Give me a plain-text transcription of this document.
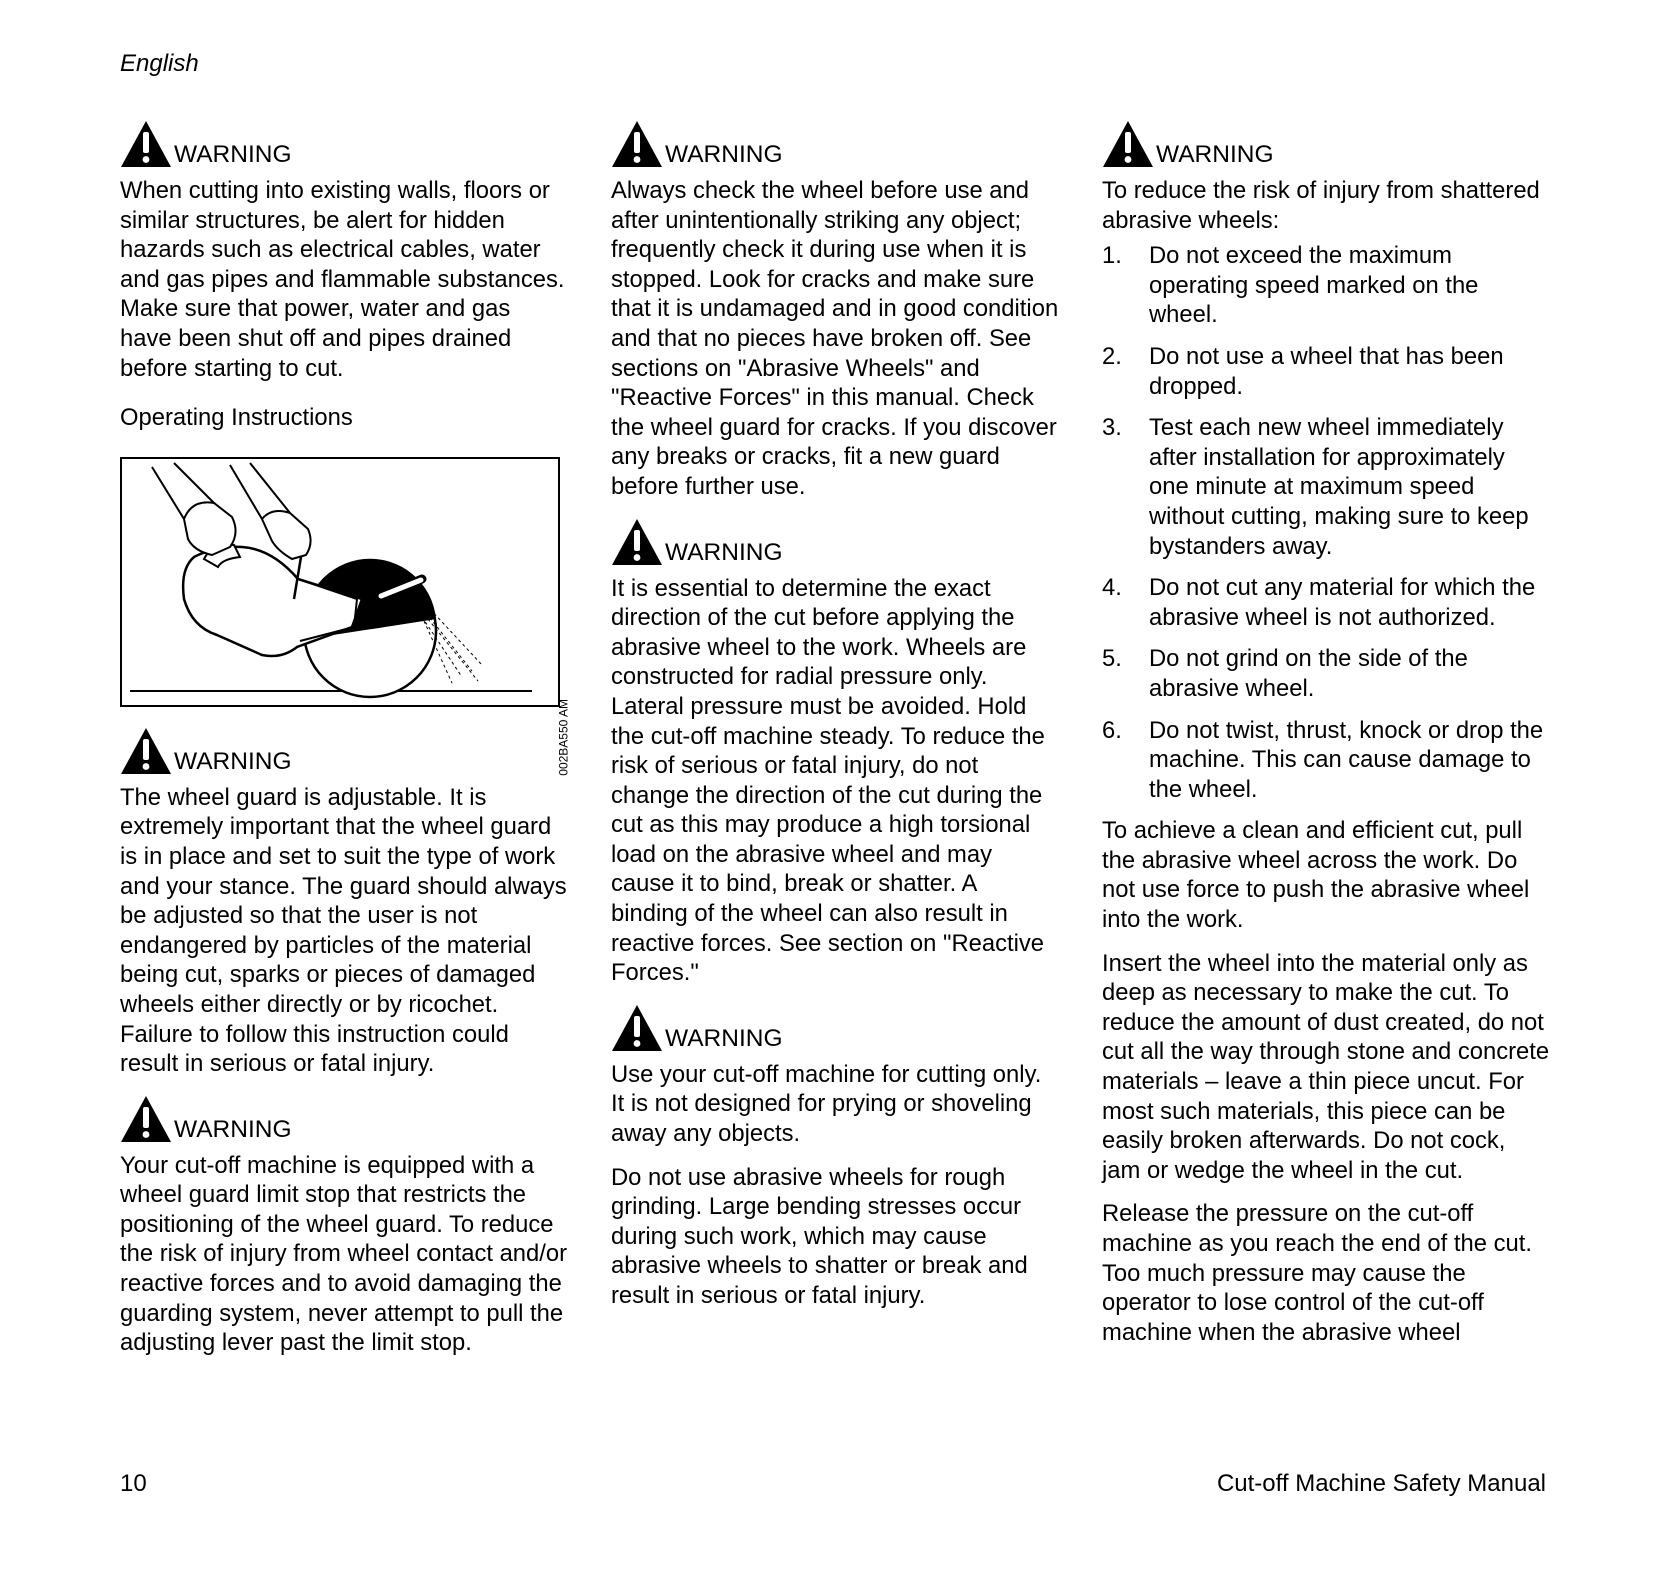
English
WARNING

When cutting into existing walls, floors or similar structures, be alert for hidden hazards such as electrical cables, water and gas pipes and flammable substances. Make sure that power, water and gas have been shut off and pipes drained before starting to cut.

Operating Instructions
002BA550 AM
WARNING

The wheel guard is adjustable. It is extremely important that the wheel guard is in place and set to suit the type of work and your stance. The guard should always be adjusted so that the user is not endangered by particles of the material being cut, sparks or pieces of damaged wheels either directly or by ricochet. Failure to follow this instruction could result in serious or fatal injury.

WARNING

Your cut-off machine is equipped with a wheel guard limit stop that restricts the positioning of the wheel guard. To reduce the risk of injury from wheel contact and/or reactive forces and to avoid damaging the guarding system, never attempt to pull the adjusting lever past the limit stop.

WARNING

Always check the wheel before use and after unintentionally striking any object; frequently check it during use when it is stopped. Look for cracks and make sure that it is undamaged and in good condition and that no pieces have broken off. See sections on "Abrasive Wheels" and "Reactive Forces" in this manual. Check the wheel guard for cracks. If you discover any breaks or cracks, fit a new guard before further use.

WARNING

It is essential to determine the exact direction of the cut before applying the abrasive wheel to the work. Wheels are constructed for radial pressure only. Lateral pressure must be avoided. Hold the cut-off machine steady. To reduce the risk of serious or fatal injury, do not change the direction of the cut during the cut as this may produce a high torsional load on the abrasive wheel and may cause it to bind, break or shatter. A binding of the wheel can also result in reactive forces. See section on "Reactive Forces."

WARNING

Use your cut-off machine for cutting only. It is not designed for prying or shoveling away any objects.

Do not use abrasive wheels for rough grinding. Large bending stresses occur during such work, which may cause abrasive wheels to shatter or break and result in serious or fatal injury.

WARNING

To reduce the risk of injury from shattered abrasive wheels:

1.	Do not exceed the maximum operating speed marked on the wheel.
2.	Do not use a wheel that has been dropped.
3.	Test each new wheel immediately after installation for approximately one minute at maximum speed without cutting, making sure to keep bystanders away.
4.	Do not cut any material for which the abrasive wheel is not authorized.
5.	Do not grind on the side of the abrasive wheel.
6.	Do not twist, thrust, knock or drop the machine. This can cause damage to the wheel.

To achieve a clean and efficient cut, pull the abrasive wheel across the work. Do not use force to push the abrasive wheel into the work.

Insert the wheel into the material only as deep as necessary to make the cut. To reduce the amount of dust created, do not cut all the way through stone and concrete materials – leave a thin piece uncut. For most such materials, this piece can be easily broken afterwards. Do not cock, jam or wedge the wheel in the cut.

Release the pressure on the cut-off machine as you reach the end of the cut. Too much pressure may cause the operator to lose control of the cut-off machine when the abrasive wheel

10	Cut-off Machine Safety Manual
